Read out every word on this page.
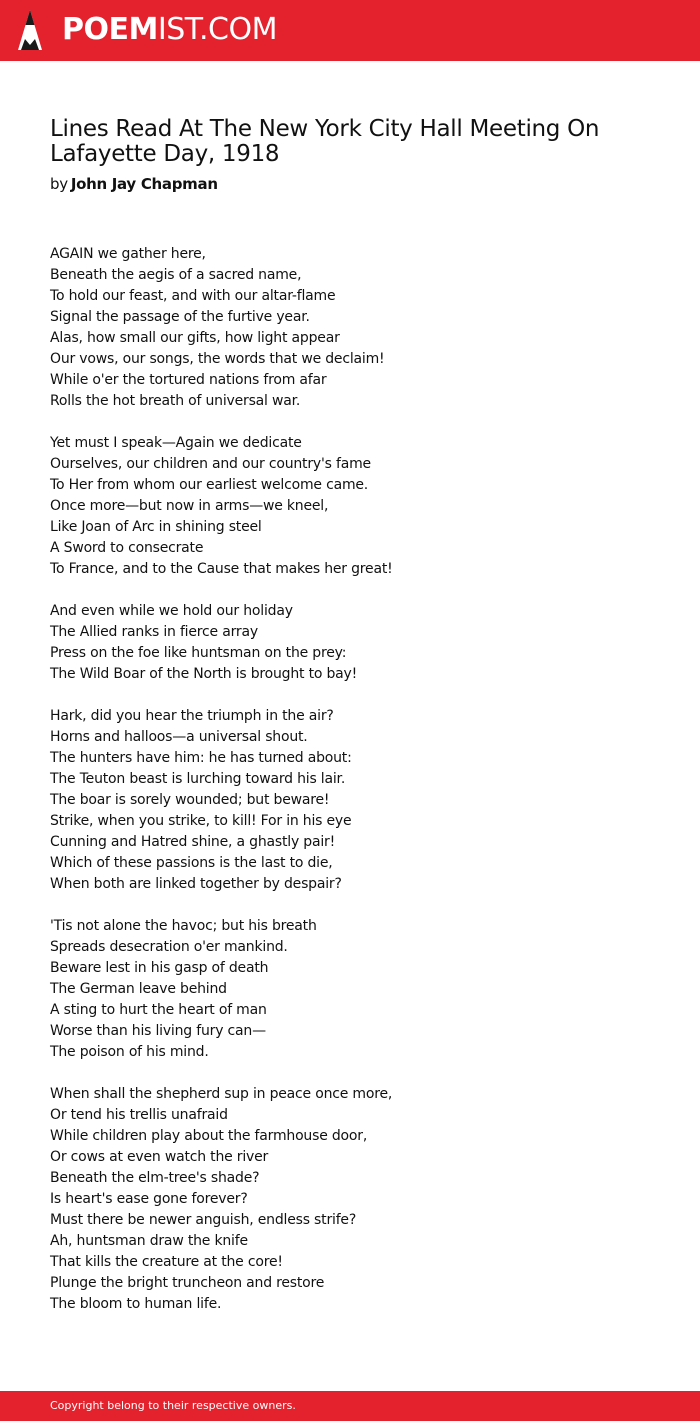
POEMIST.COM
Lines Read At The New York City Hall Meeting On Lafayette Day, 1918
by John Jay Chapman
AGAIN we gather here,
Beneath the aegis of a sacred name,
To hold our feast, and with our altar-flame
Signal the passage of the furtive year.
Alas, how small our gifts, how light appear
Our vows, our songs, the words that we declaim!
While o'er the tortured nations from afar
Rolls the hot breath of universal war.
Yet must I speak—Again we dedicate
Ourselves, our children and our country's fame
To Her from whom our earliest welcome came.
Once more—but now in arms—we kneel,
Like Joan of Arc in shining steel
A Sword to consecrate
To France, and to the Cause that makes her great!
And even while we hold our holiday
The Allied ranks in fierce array
Press on the foe like huntsman on the prey:
The Wild Boar of the North is brought to bay!
Hark, did you hear the triumph in the air?
Horns and halloos—a universal shout.
The hunters have him: he has turned about:
The Teuton beast is lurching toward his lair.
The boar is sorely wounded; but beware!
Strike, when you strike, to kill! For in his eye
Cunning and Hatred shine, a ghastly pair!
Which of these passions is the last to die,
When both are linked together by despair?
'Tis not alone the havoc; but his breath
Spreads desecration o'er mankind.
Beware lest in his gasp of death
The German leave behind
A sting to hurt the heart of man
Worse than his living fury can—
The poison of his mind.
When shall the shepherd sup in peace once more,
Or tend his trellis unafraid
While children play about the farmhouse door,
Or cows at even watch the river
Beneath the elm-tree's shade?
Is heart's ease gone forever?
Must there be newer anguish, endless strife?
Ah, huntsman draw the knife
That kills the creature at the core!
Plunge the bright truncheon and restore
The bloom to human life.
Copyright belong to their respective owners.
